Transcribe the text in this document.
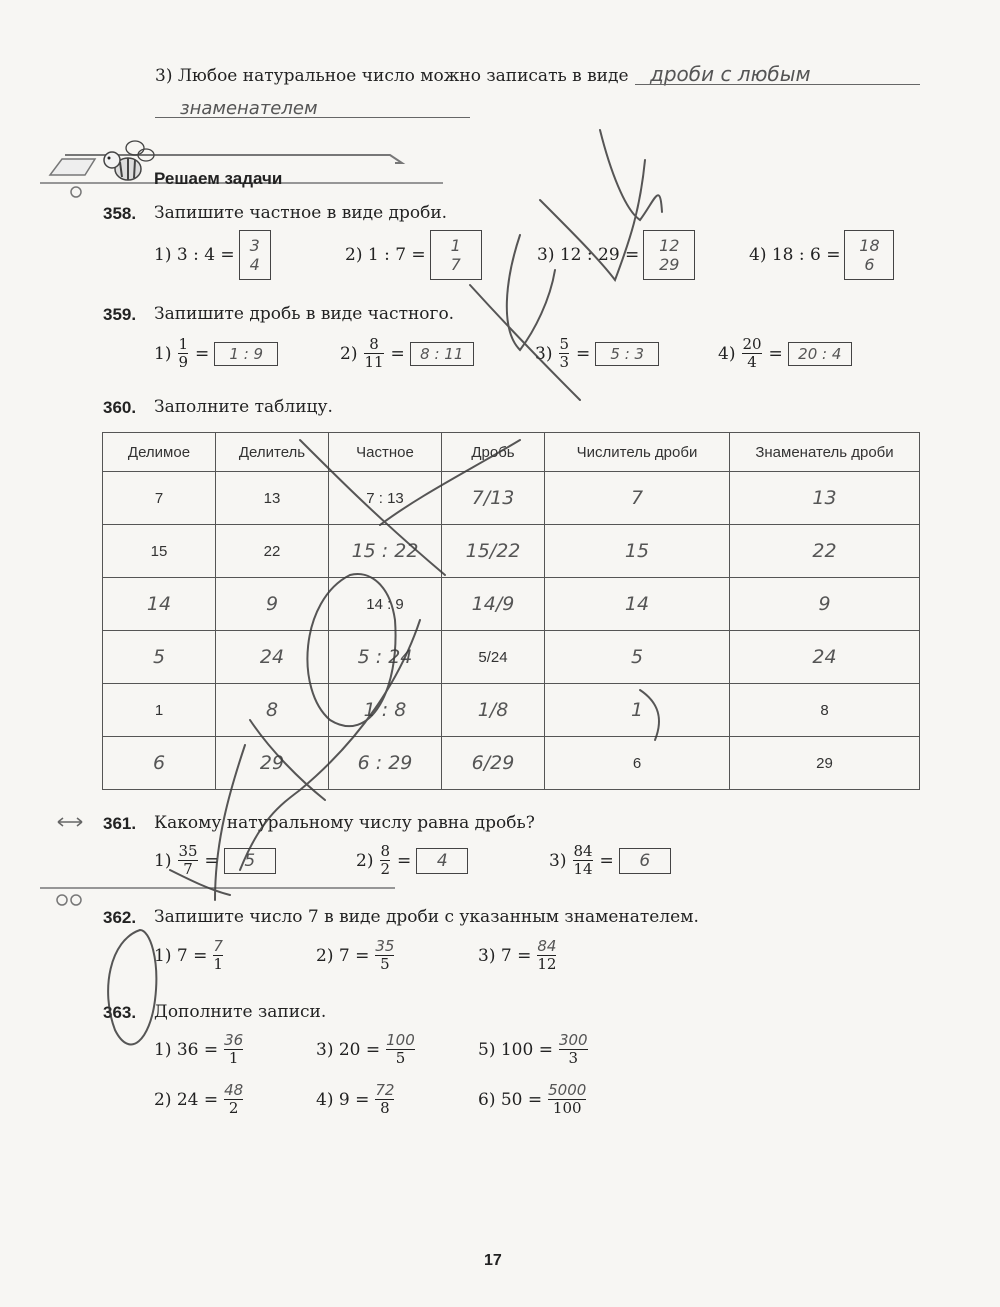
3) Любое натуральное число можно записать в виде дроби с любым
знаменателем
Решаем задачи
358. Запишите частное в виде дроби.
1) 3 : 4 = 3
4	2) 1 : 7 =	1
7	3) 12 : 29 =	12
29	4) 18 : 6 =	18
6
359. Запишите дробь в виде частного.
$1) \frac{1}{9}$ =	1 : 9	$2) \frac{8}{11}$ =	8 : 11	$3) \frac{5}{3}$ =	5 : 3	$4) \frac{20}{4}$ =	20 : 4
360. Заполните таблицу.
Делимое	Делитель	Частное	Дробь	Числитель дроби	Знаменатель дроби
7	13	7 : 13	7/13	7	13
15	22	15 : 22	15/22	15	22
14	9	14 : 9	14/9	14	9
5	24	5 : 24	5/24	5	24
1	8	1 : 8	1/8	1	8
6	29	6 : 29	6/29	6	29
361. Какому натуральному числу равна дробь?
$1) \frac{35}{7}$ =	5	$2) \frac{8}{2}$ =	4	$3) \frac{84}{14}$ =	6
362. Запишите число 7 в виде дроби с указанным знаменателем.
1) $7 = \frac{7}{1}$	2) $7 = \frac{35}{5}$	3) $7 = \frac{84}{12}$
363. Дополните записи.
1) $36 = \frac{36}{1}$	3) $20 = \frac{100}{5}$	5) $100 = \frac{300}{3}$
2) $24 = \frac{48}{2}$	4) $9 = \frac{72}{8}$	6) $50 = \frac{5000}{100}$
17
